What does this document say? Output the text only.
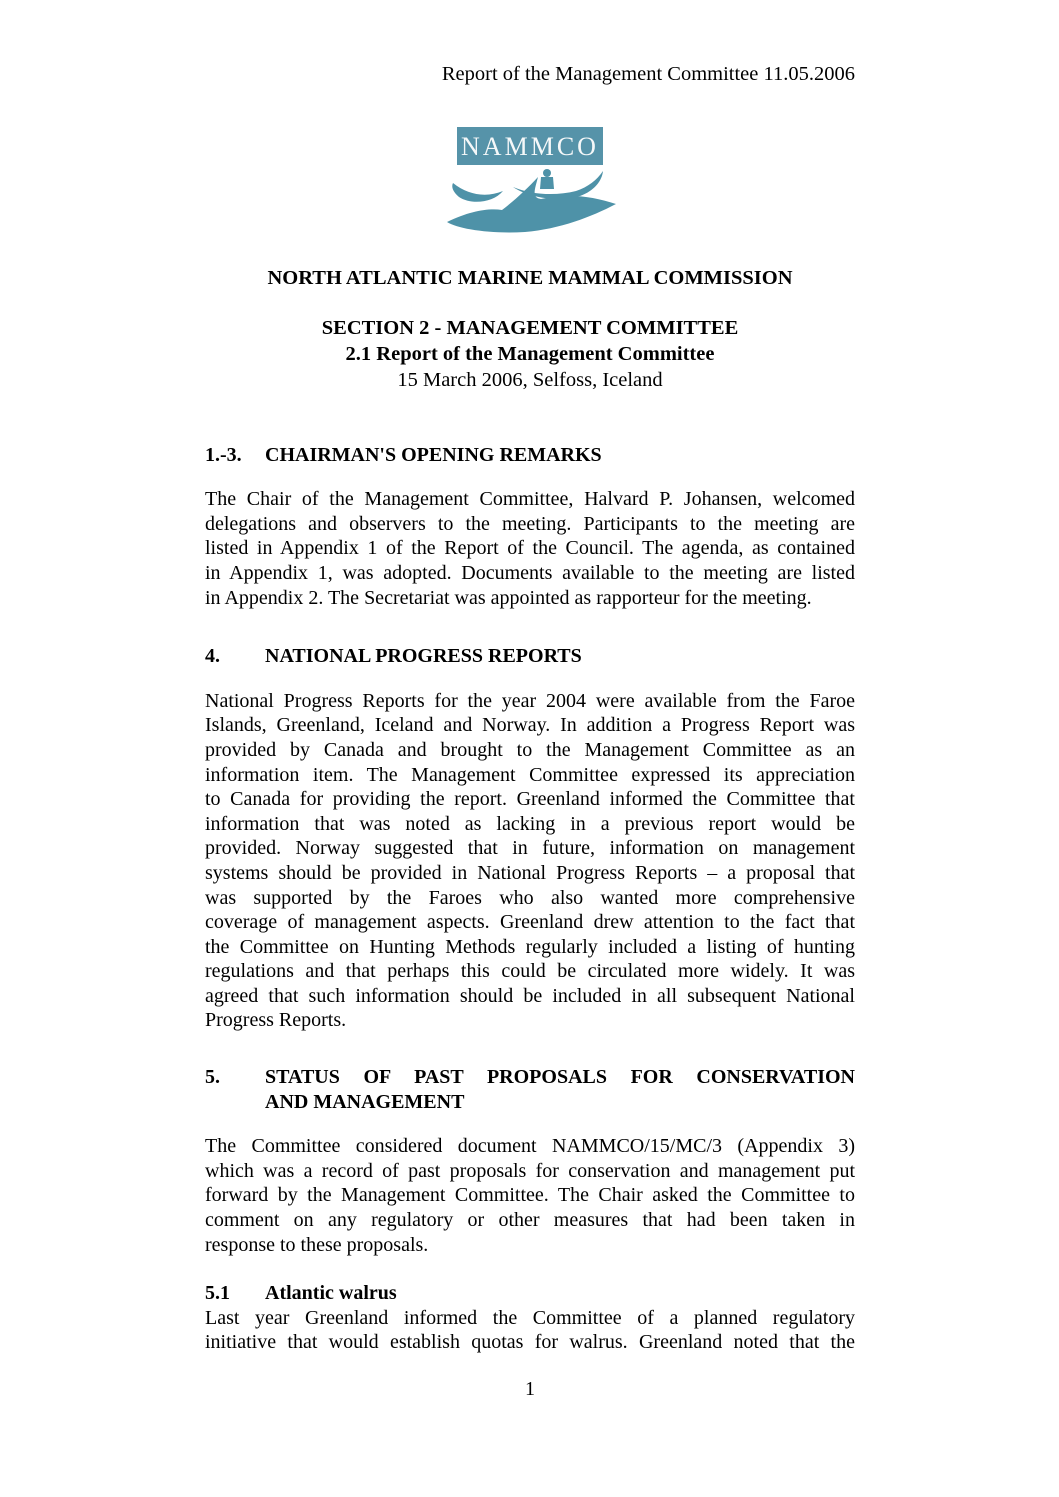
Report of the Management Committee 11.05.2006
NAMMCO
NORTH ATLANTIC MARINE MAMMAL COMMISSION
SECTION 2 - MANAGEMENT COMMITTEE
2.1 Report of the Management Committee
15 March 2006, Selfoss, Iceland
1.-3.	CHAIRMAN'S OPENING REMARKS
The Chair of the Management Committee, Halvard P. Johansen, welcomed
delegations and observers to the meeting. Participants to the meeting are
listed in Appendix 1 of the Report of the Council. The agenda, as contained
in Appendix 1, was adopted. Documents available to the meeting are listed
in Appendix 2. The Secretariat was appointed as rapporteur for the meeting.
4.	NATIONAL PROGRESS REPORTS
National Progress Reports for the year 2004 were available from the Faroe
Islands, Greenland, Iceland and Norway. In addition a Progress Report was
provided by Canada and brought to the Management Committee as an
information item. The Management Committee expressed its appreciation
to Canada for providing the report. Greenland informed the Committee that
information that was noted as lacking in a previous report would be
provided. Norway suggested that in future, information on management
systems should be provided in National Progress Reports – a proposal that
was supported by the Faroes who also wanted more comprehensive
coverage of management aspects. Greenland drew attention to the fact that
the Committee on Hunting Methods regularly included a listing of hunting
regulations and that perhaps this could be circulated more widely. It was
agreed that such information should be included in all subsequent National
Progress Reports.
5.	STATUS OF PAST PROPOSALS FOR CONSERVATION
AND MANAGEMENT
The Committee considered document NAMMCO/15/MC/3 (Appendix 3)
which was a record of past proposals for conservation and management put
forward by the Management Committee. The Chair asked the Committee to
comment on any regulatory or other measures that had been taken in
response to these proposals.
5.1	Atlantic walrus
Last year Greenland informed the Committee of a planned regulatory
initiative that would establish quotas for walrus. Greenland noted that the
1
